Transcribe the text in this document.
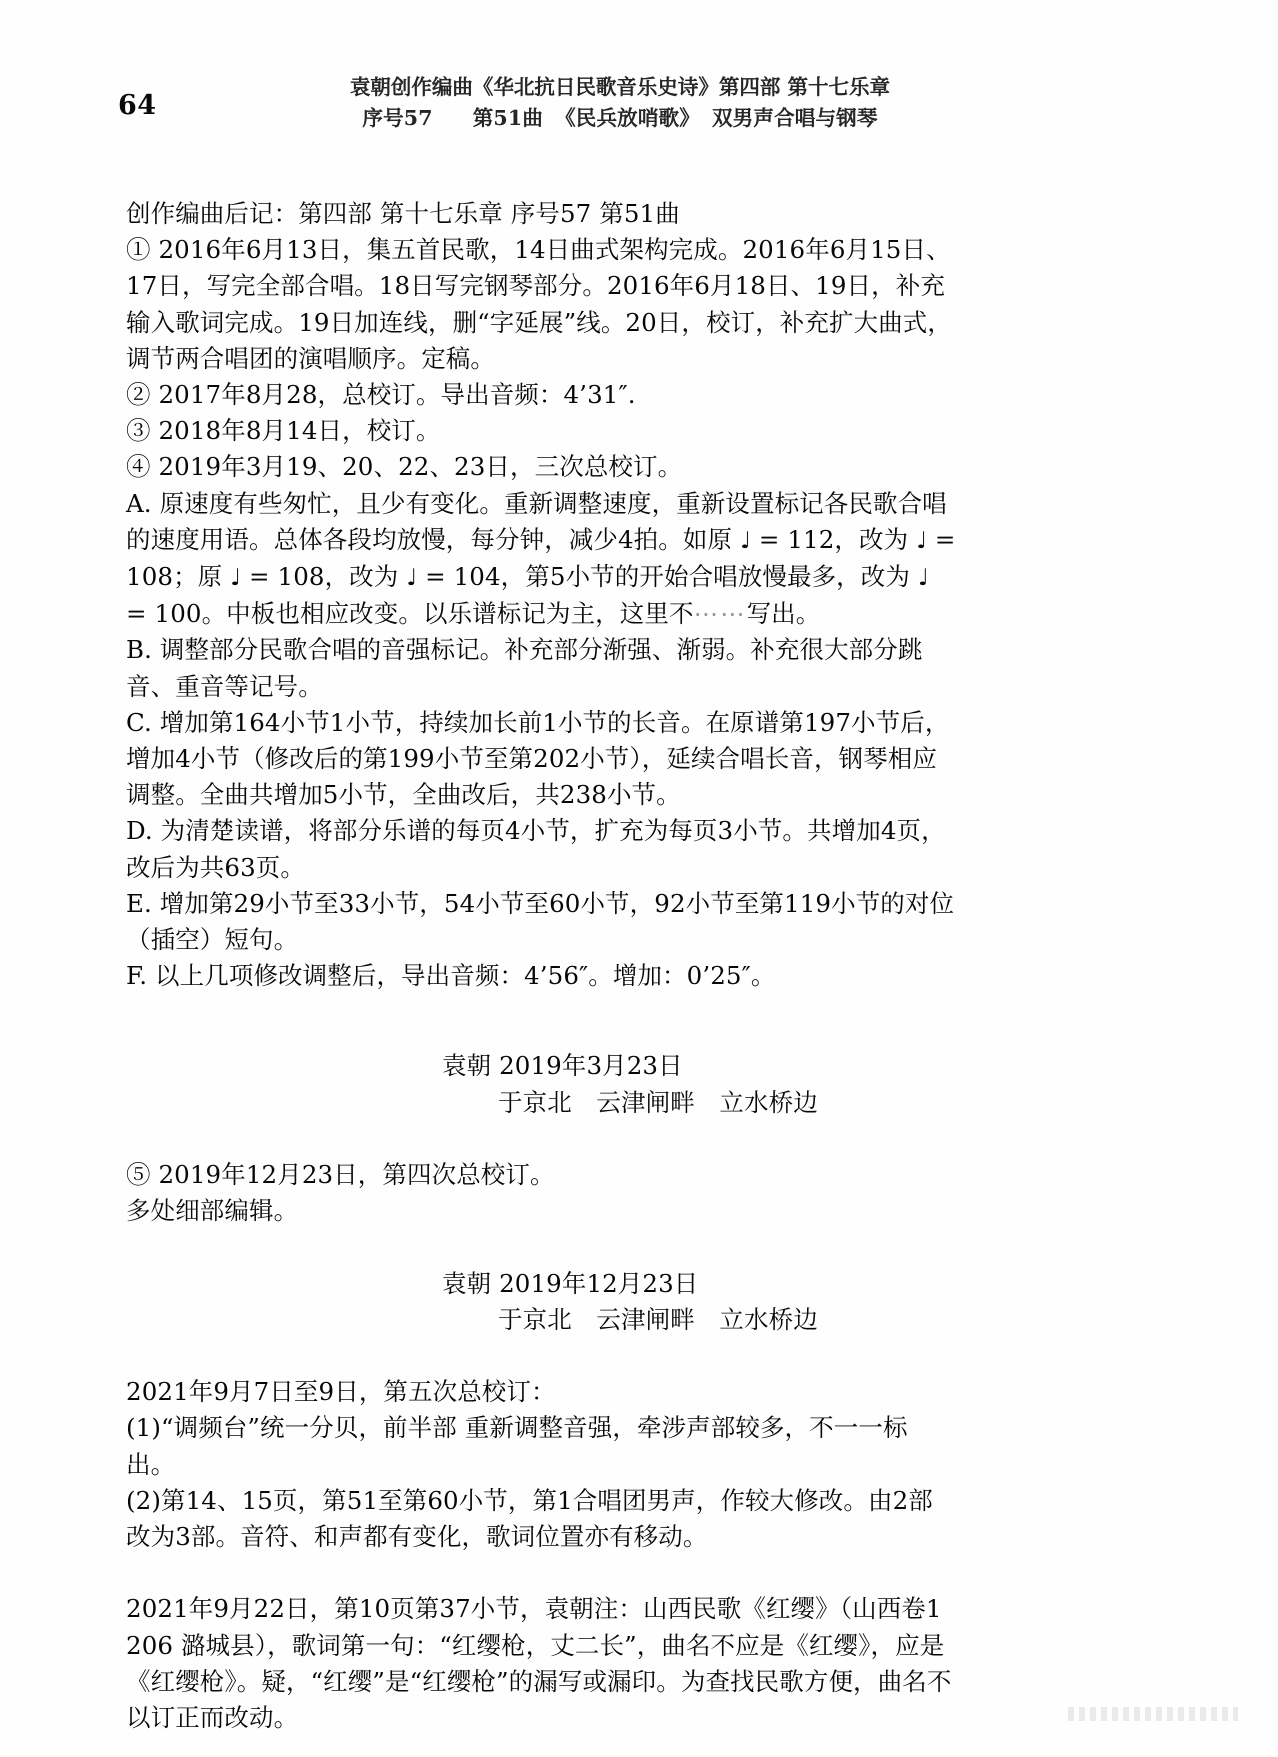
64
袁朝创作编曲《华北抗日民歌音乐史诗》第四部 第十七乐章
序号57 第51曲 《民兵放哨歌》 双男声合唱与钢琴

创作编曲后记：第四部 第十七乐章 序号57 第51曲

① 2016年6月13日，集五首民歌，14日曲式架构完成。2016年6月15日、17日，写完全部合唱。18日写完钢琴部分。2016年6月18日、19日，补充输入歌词完成。19日加连线，删“字延展”线。20日，校订，补充扩大曲式，调节两合唱团的演唱顺序。定稿。

② 2017年8月28，总校订。导出音频：4’31″.

③ 2018年8月14日，校订。

④ 2019年3月19、20、22、23日，三次总校订。

A. 原速度有些匆忙，且少有变化。重新调整速度，重新设置标记各民歌合唱的速度用语。总体各段均放慢，每分钟，减少4拍。如原 ♩ = 112，改为 ♩ = 108；原 ♩ = 108，改为 ♩ = 104，第5小节的开始合唱放慢最多，改为 ♩ = 100。中板也相应改变。以乐谱标记为主，这里不⋯⋯写出。

B. 调整部分民歌合唱的音强标记。补充部分渐强、渐弱。补充很大部分跳音、重音等记号。

C. 增加第164小节1小节，持续加长前1小节的长音。在原谱第197小节后，增加4小节（修改后的第199小节至第202小节），延续合唱长音，钢琴相应调整。全曲共增加5小节，全曲改后，共238小节。

D. 为清楚读谱，将部分乐谱的每页4小节，扩充为每页3小节。共增加4页，改后为共63页。

E. 增加第29小节至33小节，54小节至60小节，92小节至第119小节的对位（插空）短句。

F. 以上几项修改调整后，导出音频：4’56″。增加：0’25″。

袁朝 2019年3月23日

于京北　云津闸畔　立水桥边

⑤ 2019年12月23日，第四次总校订。

多处细部编辑。

袁朝 2019年12月23日

于京北　云津闸畔　立水桥边

2021年9月7日至9日，第五次总校订：

(1)“调频台”统一分贝，前半部 重新调整音强，牵涉声部较多，不一一标出。

(2)第14、15页，第51至第60小节，第1合唱团男声，作较大修改。由2部改为3部。音符、和声都有变化，歌词位置亦有移动。

2021年9月22日，第10页第37小节，袁朝注：山西民歌《红缨》（山西卷1206 潞城县），歌词第一句：“红缨枪，丈二长”，曲名不应是《红缨》，应是《红缨枪》。疑，“红缨”是“红缨枪”的漏写或漏印。为查找民歌方便，曲名不以订正而改动。
